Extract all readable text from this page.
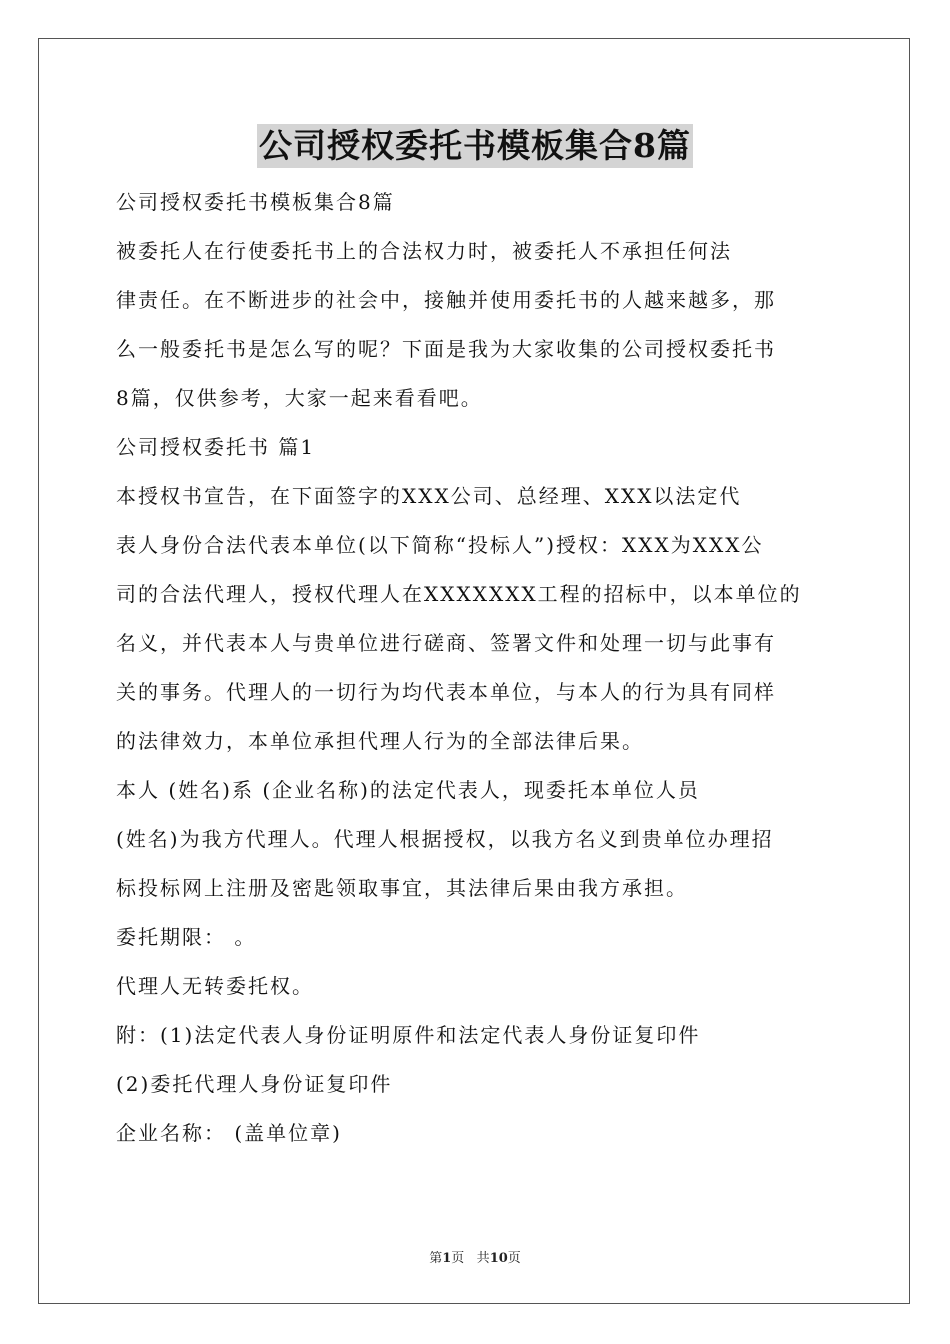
公司授权委托书模板集合8篇

公司授权委托书模板集合8篇

被委托人在行使委托书上的合法权力时，被委托人不承担任何法

律责任。在不断进步的社会中，接触并使用委托书的人越来越多，那
么一般委托书是怎么写的呢？下面是我为大家收集的公司授权委托书
8篇，仅供参考，大家一起来看看吧。

公司授权委托书 篇1

本授权书宣告，在下面签字的XXX公司、总经理、XXX以法定代

表人身份合法代表本单位(以下简称“投标人”)授权：XXX为XXX公
司的合法代理人，授权代理人在XXXXXXX工程的招标中，以本单位的
名义，并代表本人与贵单位进行磋商、签署文件和处理一切与此事有
关的事务。代理人的一切行为均代表本单位，与本人的行为具有同样
的法律效力，本单位承担代理人行为的全部法律后果。

本人 (姓名)系 (企业名称)的法定代表人，现委托本单位人员

(姓名)为我方代理人。代理人根据授权，以我方名义到贵单位办理招
标投标网上注册及密匙领取事宜，其法律后果由我方承担。

委托期限： 。

代理人无转委托权。

附：(1)法定代表人身份证明原件和法定代表人身份证复印件

(2)委托代理人身份证复印件

企业名称： (盖单位章)

第1页 共10页
